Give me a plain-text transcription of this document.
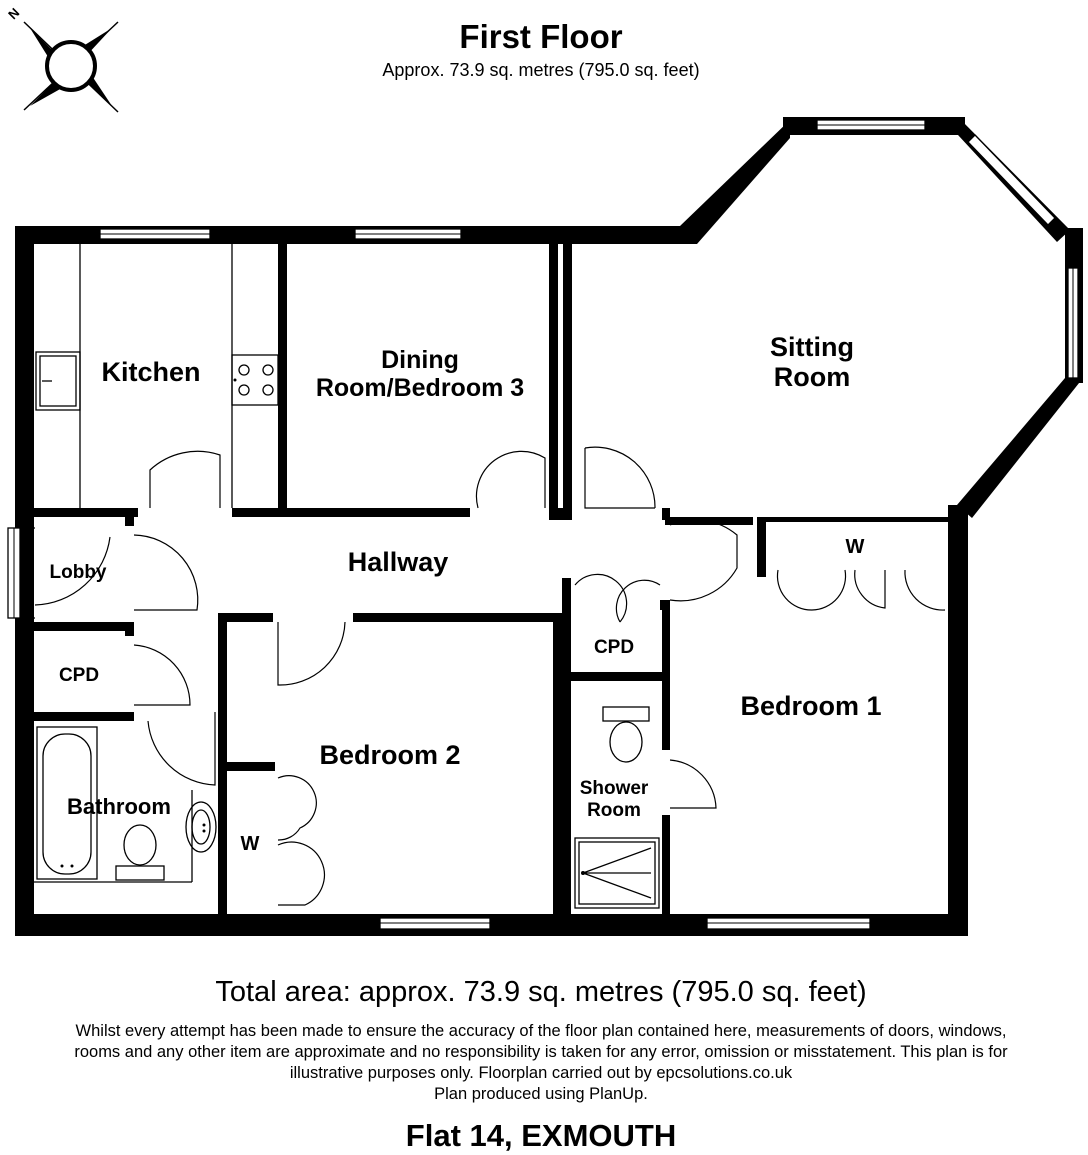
First Floor
Approx. 73.9 sq. metres (795.0 sq. feet)
N
Kitchen	Dining
Room/Bedroom 3
Sitting
Room
Hallway
Lobby
CPD
CPD
Bathroom
Bedroom 2
Shower
Room
Bedroom 1
W
W
Total area: approx. 73.9 sq. metres (795.0 sq. feet)
Whilst every attempt has been made to ensure the accuracy of the floor plan contained here, measurements of doors, windows,
rooms and any other item are approximate and no responsibility is taken for any error, omission or misstatement. This plan is for
illustrative purposes only. Floorplan carried out by epcsolutions.co.uk
Plan produced using PlanUp.
Flat 14, EXMOUTH
